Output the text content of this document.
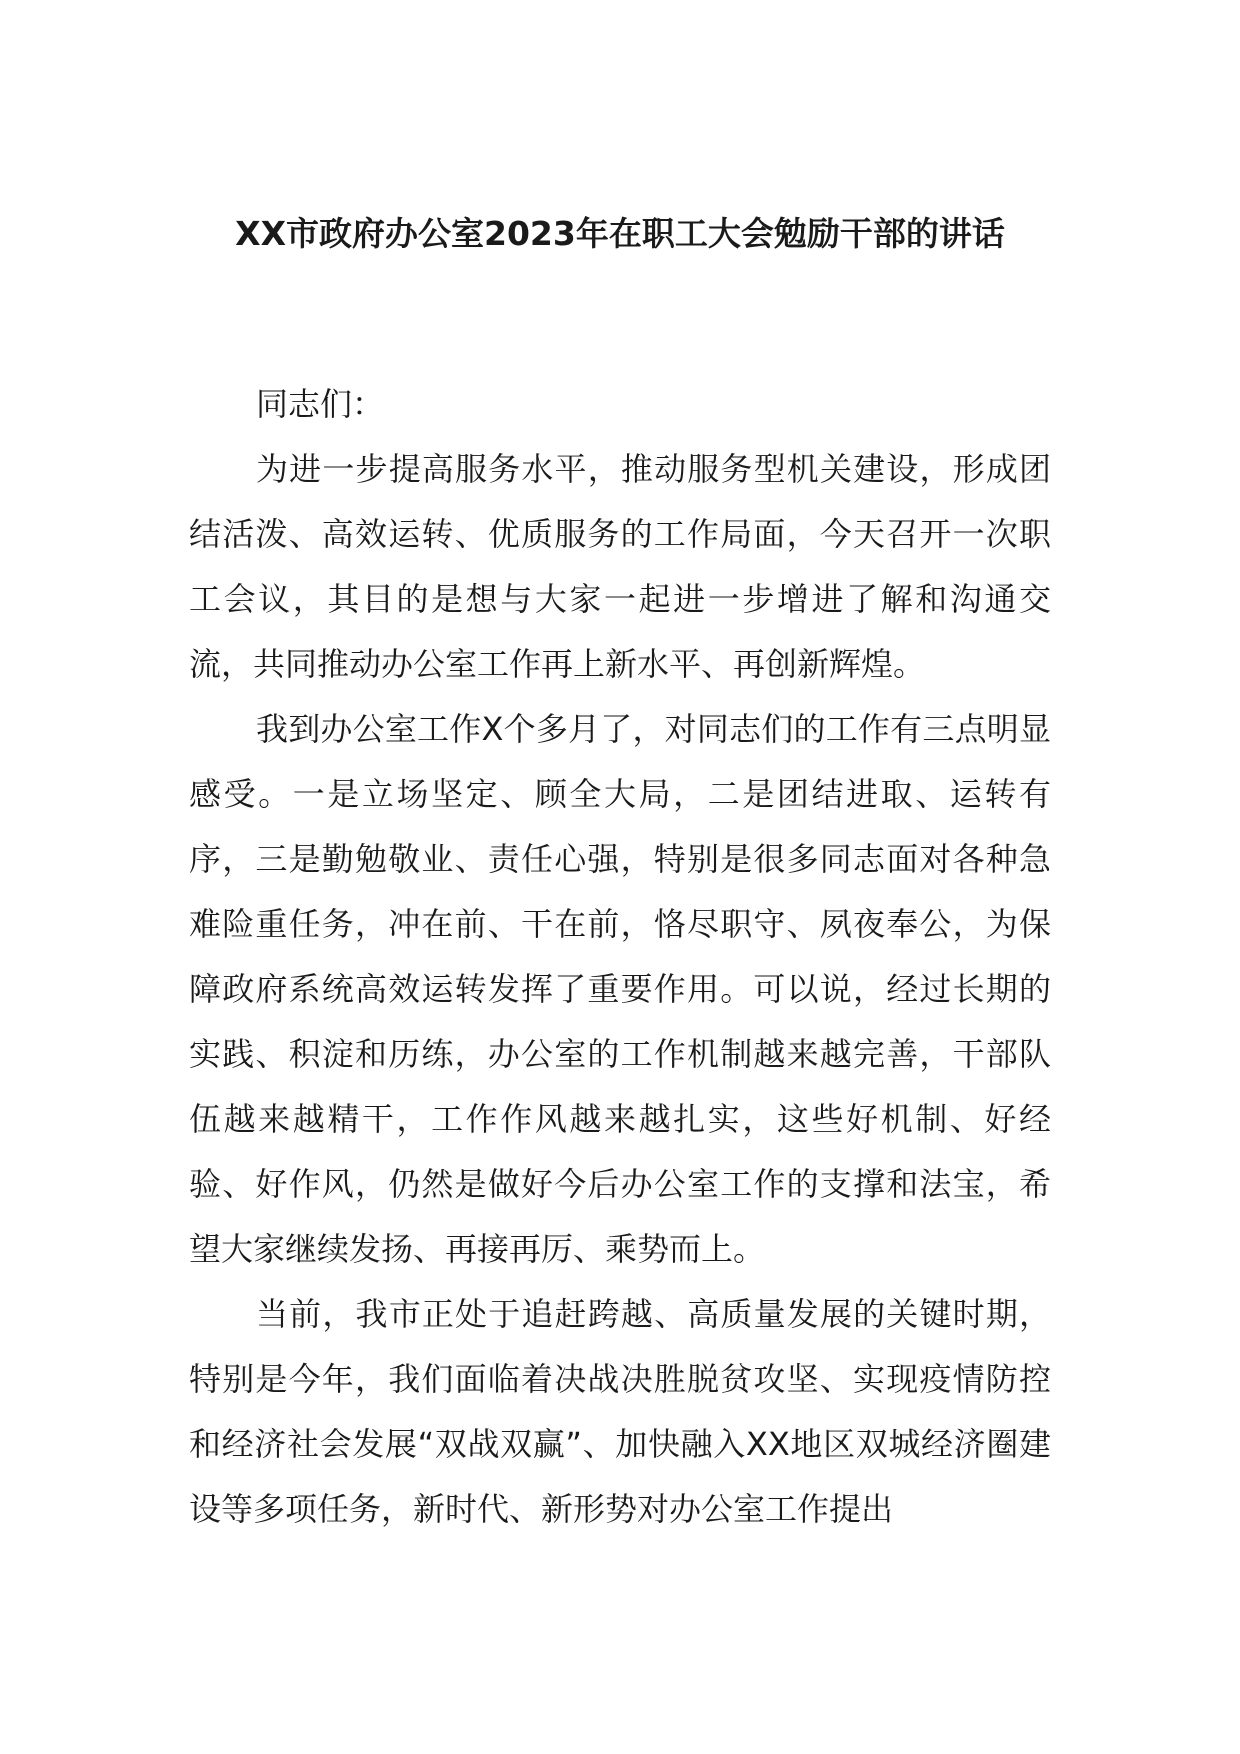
XX市政府办公室2023年在职工大会勉励干部的讲话

同志们：

为进一步提高服务水平，推动服务型机关建设，形成团结活泼、高效运转、优质服务的工作局面，今天召开一次职工会议，其目的是想与大家一起进一步增进了解和沟通交流，共同推动办公室工作再上新水平、再创新辉煌。

我到办公室工作X个多月了，对同志们的工作有三点明显感受。一是立场坚定、顾全大局，二是团结进取、运转有序，三是勤勉敬业、责任心强，特别是很多同志面对各种急难险重任务，冲在前、干在前，恪尽职守、夙夜奉公，为保障政府系统高效运转发挥了重要作用。可以说，经过长期的实践、积淀和历练，办公室的工作机制越来越完善，干部队伍越来越精干，工作作风越来越扎实，这些好机制、好经验、好作风，仍然是做好今后办公室工作的支撑和法宝，希望大家继续发扬、再接再厉、乘势而上。

当前，我市正处于追赶跨越、高质量发展的关键时期，特别是今年，我们面临着决战决胜脱贫攻坚、实现疫情防控和经济社会发展“双战双赢”、加快融入XX地区双城经济圈建设等多项任务，新时代、新形势对办公室工作提出
